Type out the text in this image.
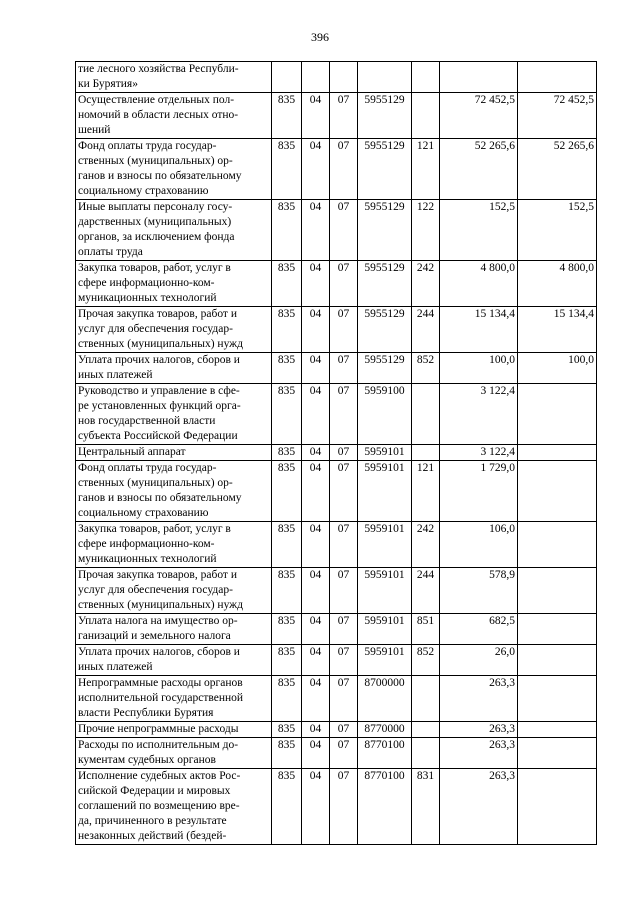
396
тие лесного хозяйства Республи-
ки Бурятия»							

Осуществление отдельных пол-
номочий в области лесных отно-
шений	835	04	07	5955129		72 452,5	72 452,5

Фонд оплаты труда государ-
ственных (муниципальных) ор-
ганов и взносы по обязательному
социальному страхованию	835	04	07	5955129	121	52 265,6	52 265,6

Иные выплаты персоналу госу-
дарственных (муниципальных)
органов, за исключением фонда
оплаты труда	835	04	07	5955129	122	152,5	152,5

Закупка товаров, работ, услуг в
сфере информационно-ком-
муникационных технологий	835	04	07	5955129	242	4 800,0	4 800,0

Прочая закупка товаров, работ и
услуг для обеспечения государ-
ственных (муниципальных) нужд	835	04	07	5955129	244	15 134,4	15 134,4

Уплата прочих налогов, сборов и
иных платежей	835	04	07	5955129	852	100,0	100,0

Руководство и управление в сфе-
ре установленных функций орга-
нов государственной власти
субъекта Российской Федерации	835	04	07	5959100		3 122,4	

Центральный аппарат	835	04	07	5959101		3 122,4	

Фонд оплаты труда государ-
ственных (муниципальных) ор-
ганов и взносы по обязательному
социальному страхованию	835	04	07	5959101	121	1 729,0	

Закупка товаров, работ, услуг в
сфере информационно-ком-
муникационных технологий	835	04	07	5959101	242	106,0	

Прочая закупка товаров, работ и
услуг для обеспечения государ-
ственных (муниципальных) нужд	835	04	07	5959101	244	578,9	

Уплата налога на имущество ор-
ганизаций и земельного налога	835	04	07	5959101	851	682,5	

Уплата прочих налогов, сборов и
иных платежей	835	04	07	5959101	852	26,0	

Непрограммные расходы органов
исполнительной государственной
власти Республики Бурятия	835	04	07	8700000		263,3	

Прочие непрограммные расходы	835	04	07	8770000		263,3	

Расходы по исполнительным до-
кументам судебных органов	835	04	07	8770100		263,3	

Исполнение судебных актов Рос-
сийской Федерации и мировых
соглашений по возмещению вре-
да, причиненного в результате
незаконных действий (бездей-	835	04	07	8770100	831	263,3	
